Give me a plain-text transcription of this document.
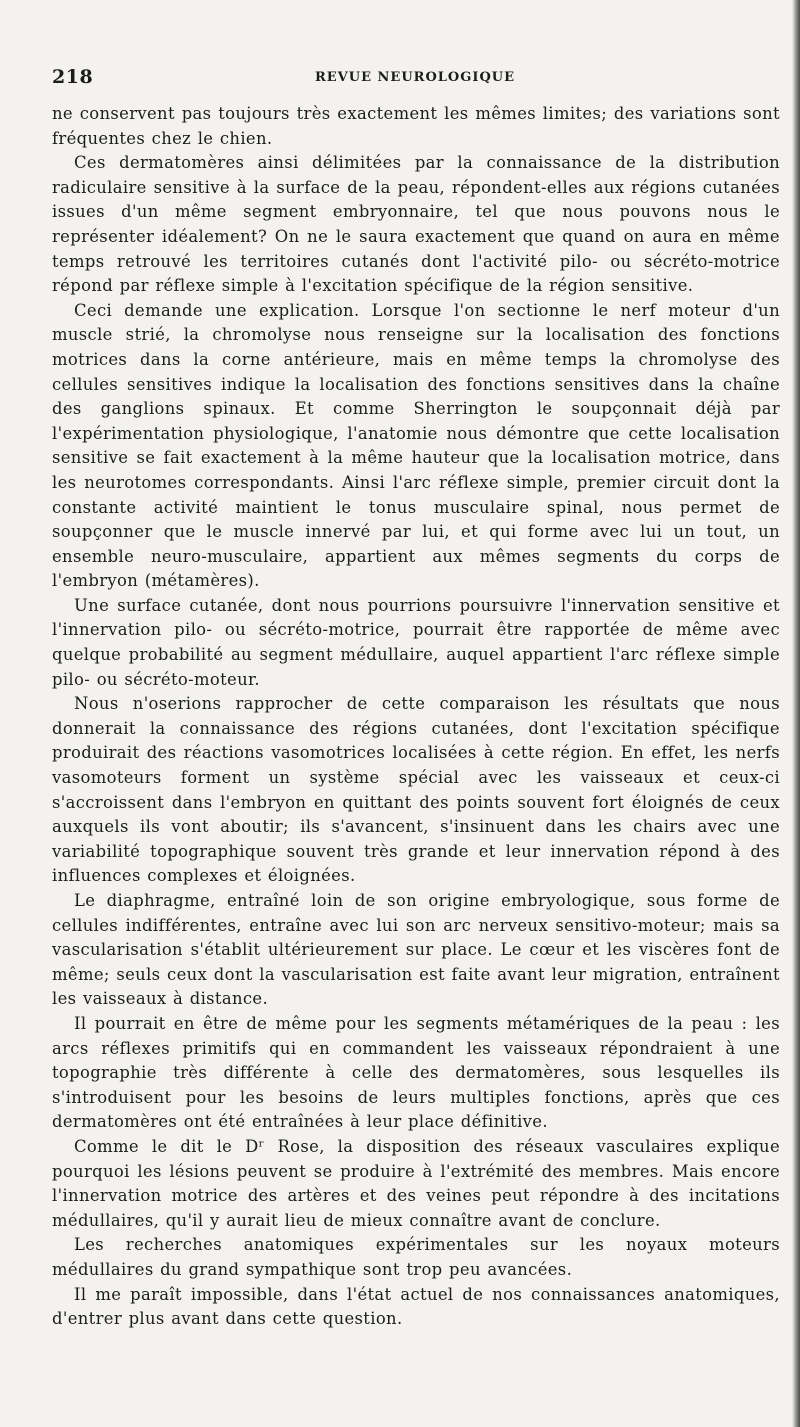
218	REVUE NEUROLOGIQUE

ne conservent pas toujours très exactement les mêmes limites; des variations sont fréquentes chez le chien.

Ces dermatomères ainsi délimitées par la connaissance de la distribution radiculaire sensitive à la surface de la peau, répondent-elles aux régions cutanées issues d'un même segment embryonnaire, tel que nous pouvons nous le représenter idéalement? On ne le saura exactement que quand on aura en même temps retrouvé les territoires cutanés dont l'activité pilo- ou sécréto-motrice répond par réflexe simple à l'excitation spécifique de la région sensitive.

Ceci demande une explication. Lorsque l'on sectionne le nerf moteur d'un muscle strié, la chromolyse nous renseigne sur la localisation des fonctions motrices dans la corne antérieure, mais en même temps la chromolyse des cellules sensitives indique la localisation des fonctions sensitives dans la chaîne des ganglions spinaux. Et comme Sherrington le soupçonnait déjà par l'expérimentation physiologique, l'anatomie nous démontre que cette localisation sensitive se fait exactement à la même hauteur que la localisation motrice, dans les neurotomes correspondants. Ainsi l'arc réflexe simple, premier circuit dont la constante activité maintient le tonus musculaire spinal, nous permet de soupçonner que le muscle innervé par lui, et qui forme avec lui un tout, un ensemble neuro-musculaire, appartient aux mêmes segments du corps de l'embryon (métamères).

Une surface cutanée, dont nous pourrions poursuivre l'innervation sensitive et l'innervation pilo- ou sécréto-motrice, pourrait être rapportée de même avec quelque probabilité au segment médullaire, auquel appartient l'arc réflexe simple pilo- ou sécréto-moteur.

Nous n'oserions rapprocher de cette comparaison les résultats que nous donnerait la connaissance des régions cutanées, dont l'excitation spécifique produirait des réactions vasomotrices localisées à cette région. En effet, les nerfs vasomoteurs forment un système spécial avec les vaisseaux et ceux-ci s'accroissent dans l'embryon en quittant des points souvent fort éloignés de ceux auxquels ils vont aboutir; ils s'avancent, s'insinuent dans les chairs avec une variabilité topographique souvent très grande et leur innervation répond à des influences complexes et éloignées.

Le diaphragme, entraîné loin de son origine embryologique, sous forme de cellules indifférentes, entraîne avec lui son arc nerveux sensitivo-moteur; mais sa vascularisation s'établit ultérieurement sur place. Le cœur et les viscères font de même; seuls ceux dont la vascularisation est faite avant leur migration, entraînent les vaisseaux à distance.

Il pourrait en être de même pour les segments métamériques de la peau : les arcs réflexes primitifs qui en commandent les vaisseaux répondraient à une topographie très différente à celle des dermatomères, sous lesquelles ils s'introduisent pour les besoins de leurs multiples fonctions, après que ces dermatomères ont été entraînées à leur place définitive.

Comme le dit le Dʳ Rose, la disposition des réseaux vasculaires explique pourquoi les lésions peuvent se produire à l'extrémité des membres. Mais encore l'innervation motrice des artères et des veines peut répondre à des incitations médullaires, qu'il y aurait lieu de mieux connaître avant de conclure.

Les recherches anatomiques expérimentales sur les noyaux moteurs médullaires du grand sympathique sont trop peu avancées.

Il me paraît impossible, dans l'état actuel de nos connaissances anatomiques, d'entrer plus avant dans cette question.
